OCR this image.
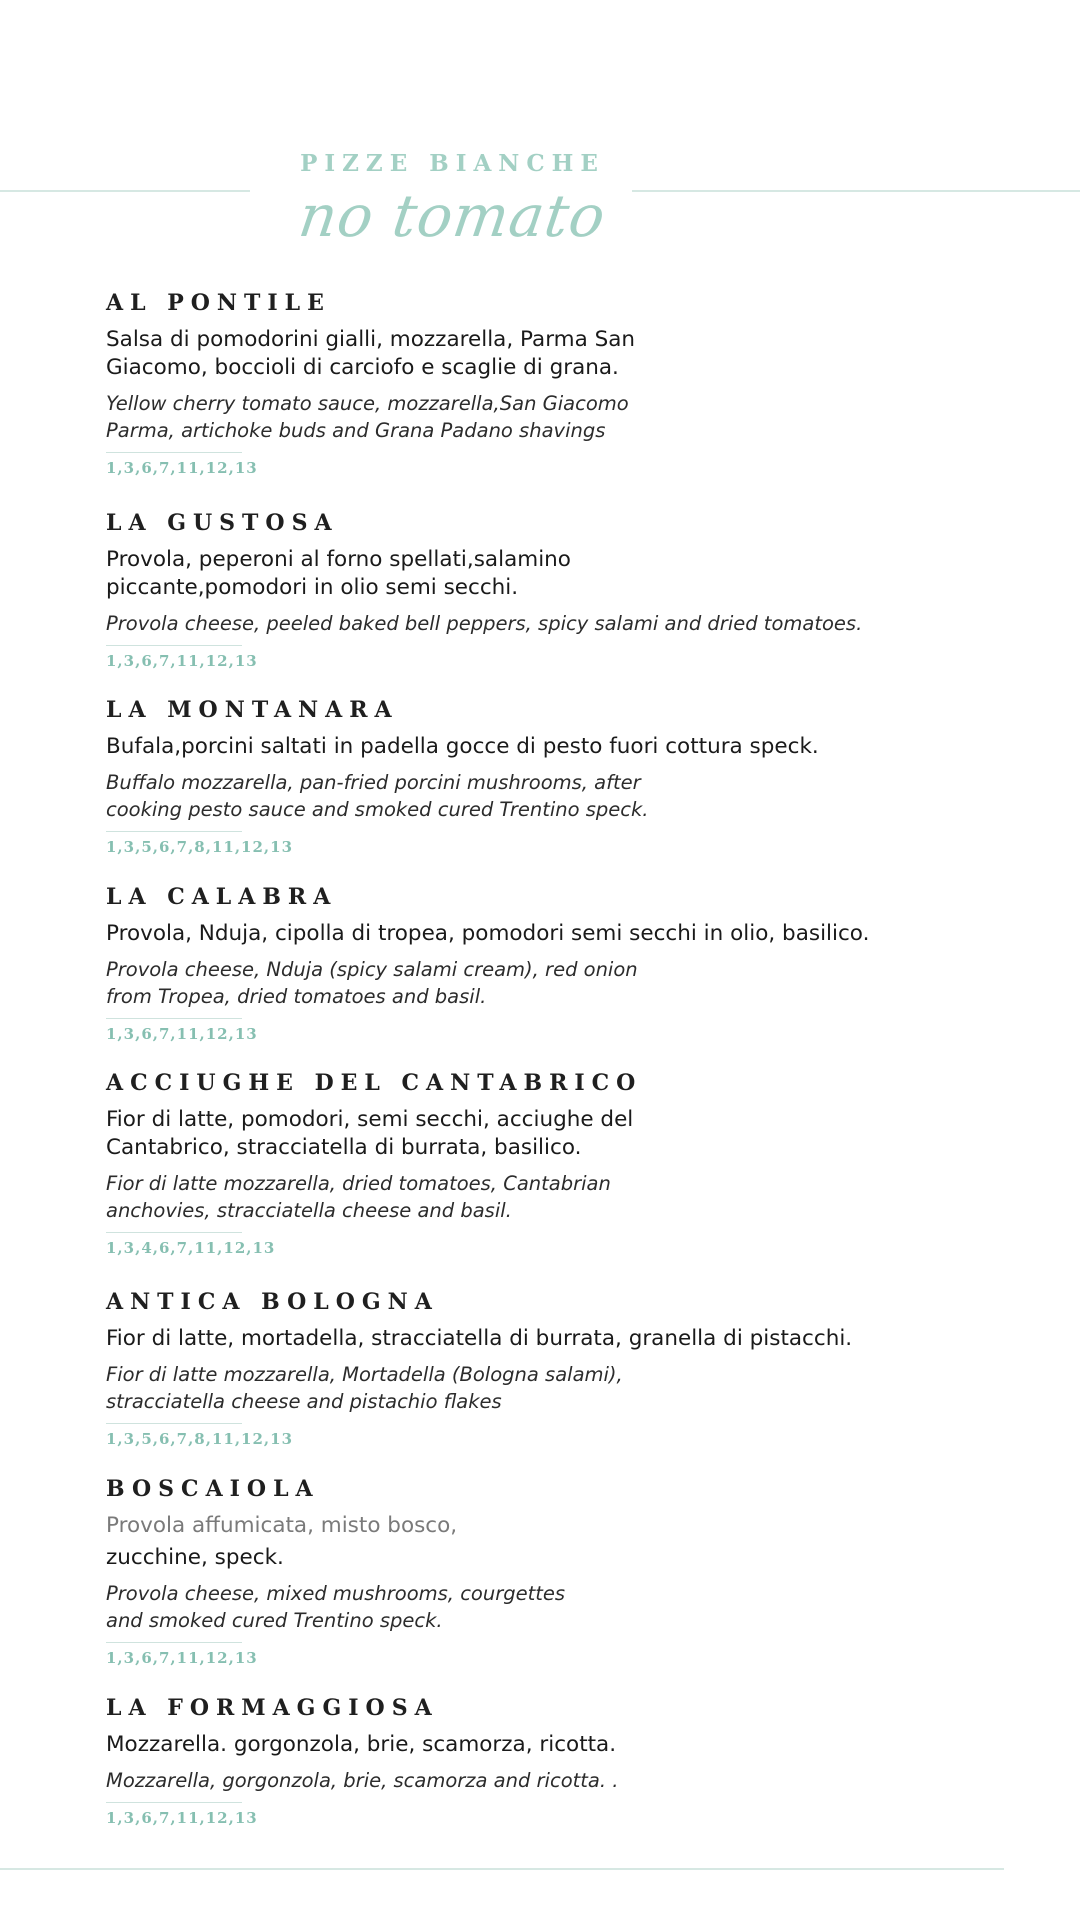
PIZZE BIANCHE
no tomato
AL PONTILE
Salsa di pomodorini gialli, mozzarella, Parma San
Giacomo, boccioli di carciofo e scaglie di grana.
Yellow cherry tomato sauce, mozzarella,San Giacomo
Parma, artichoke buds and Grana Padano shavings
1,3,6,7,11,12,13
LA GUSTOSA
Provola, peperoni al forno spellati,salamino
piccante,pomodori in olio semi secchi.
Provola cheese, peeled baked bell peppers, spicy salami and dried tomatoes.
1,3,6,7,11,12,13
LA MONTANARA
Bufala,porcini saltati in padella gocce di pesto fuori cottura speck.
Buffalo mozzarella, pan-fried porcini mushrooms, after
cooking pesto sauce and smoked cured Trentino speck.
1,3,5,6,7,8,11,12,13
LA CALABRA
Provola, Nduja, cipolla di tropea, pomodori semi secchi in olio, basilico.
Provola cheese, Nduja (spicy salami cream), red onion
from Tropea, dried tomatoes and basil.
1,3,6,7,11,12,13
ACCIUGHE DEL CANTABRICO
Fior di latte, pomodori, semi secchi, acciughe del
Cantabrico, stracciatella di burrata, basilico.
Fior di latte mozzarella, dried tomatoes, Cantabrian
anchovies, stracciatella cheese and basil.
1,3,4,6,7,11,12,13
ANTICA BOLOGNA
Fior di latte, mortadella, stracciatella di burrata, granella di pistacchi.
Fior di latte mozzarella, Mortadella (Bologna salami),
stracciatella cheese and pistachio flakes
1,3,5,6,7,8,11,12,13
BOSCAIOLA
Provola affumicata, misto bosco,
zucchine, speck.
Provola cheese, mixed mushrooms, courgettes
and smoked cured Trentino speck.
1,3,6,7,11,12,13
LA FORMAGGIOSA
Mozzarella. gorgonzola, brie, scamorza, ricotta.
Mozzarella, gorgonzola, brie, scamorza and ricotta. .
1,3,6,7,11,12,13
